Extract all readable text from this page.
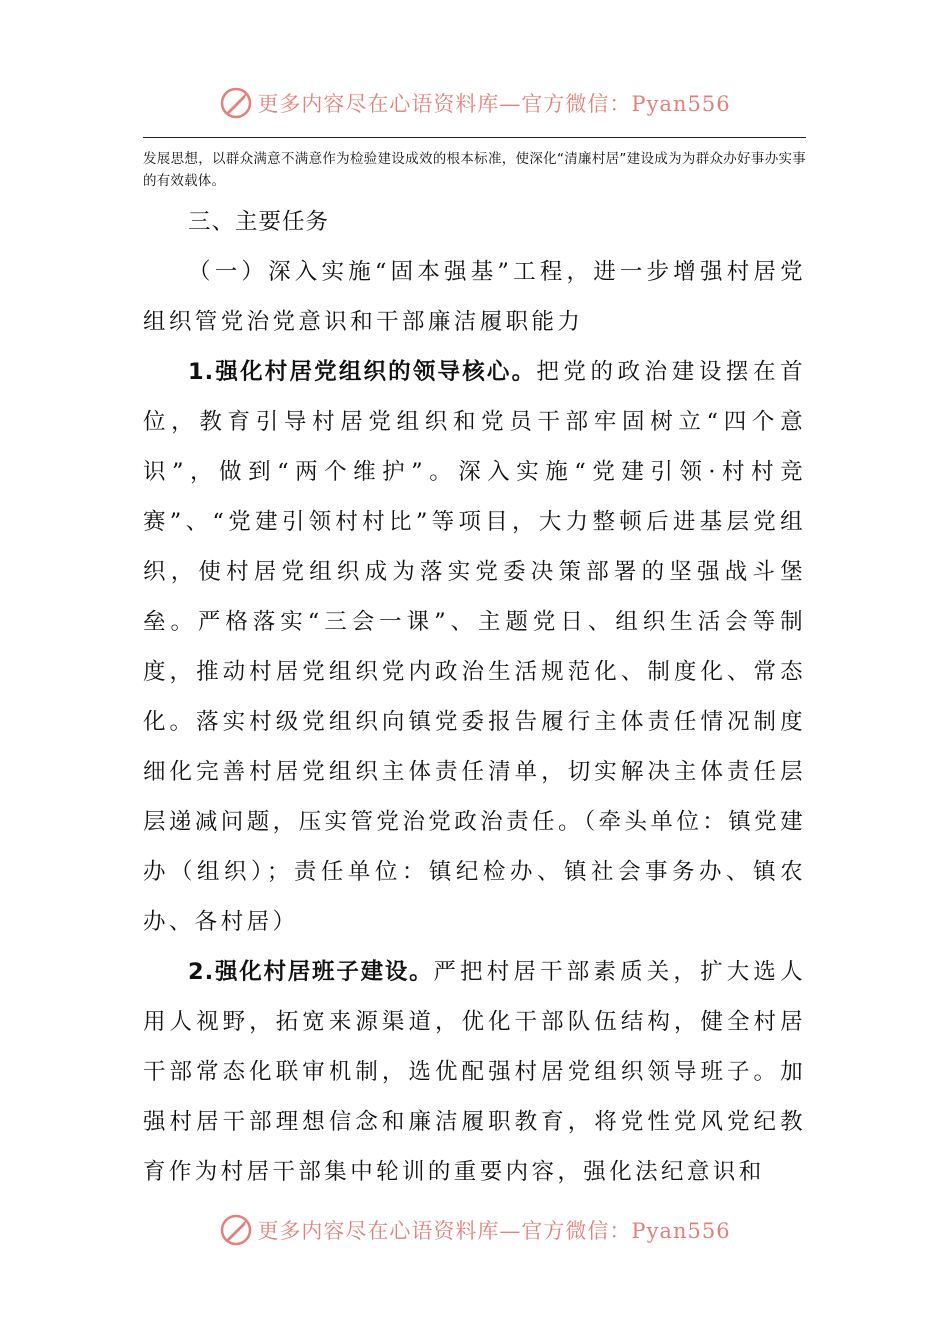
更多内容尽在心语资料库—官方微信：Pyan556
发展思想，以群众满意不满意作为检验建设成效的根本标准，使深化“清廉村居”建设成为为群众办好事办实事的有效载体。

三、主要任务

（一）深入实施“固本强基”工程，进一步增强村居党组织管党治党意识和干部廉洁履职能力

1.强化村居党组织的领导核心。把党的政治建设摆在首位，教育引导村居党组织和党员干部牢固树立“四个意识”，做到“两个维护”。深入实施“党建引领·村村竞赛”、“党建引领村村比”等项目，大力整顿后进基层党组织，使村居党组织成为落实党委决策部署的坚强战斗堡垒。严格落实“三会一课”、主题党日、组织生活会等制度，推动村居党组织党内政治生活规范化、制度化、常态化。落实村级党组织向镇党委报告履行主体责任情况制度细化完善村居党组织主体责任清单，切实解决主体责任层层递减问题，压实管党治党政治责任。（牵头单位：镇党建办（组织）；责任单位：镇纪检办、镇社会事务办、镇农办、各村居）

2.强化村居班子建设。严把村居干部素质关，扩大选人用人视野，拓宽来源渠道，优化干部队伍结构，健全村居干部常态化联审机制，选优配强村居党组织领导班子。加强村居干部理想信念和廉洁履职教育，将党性党风党纪教育作为村居干部集中轮训的重要内容，强化法纪意识和

更多内容尽在心语资料库—官方微信：Pyan556
